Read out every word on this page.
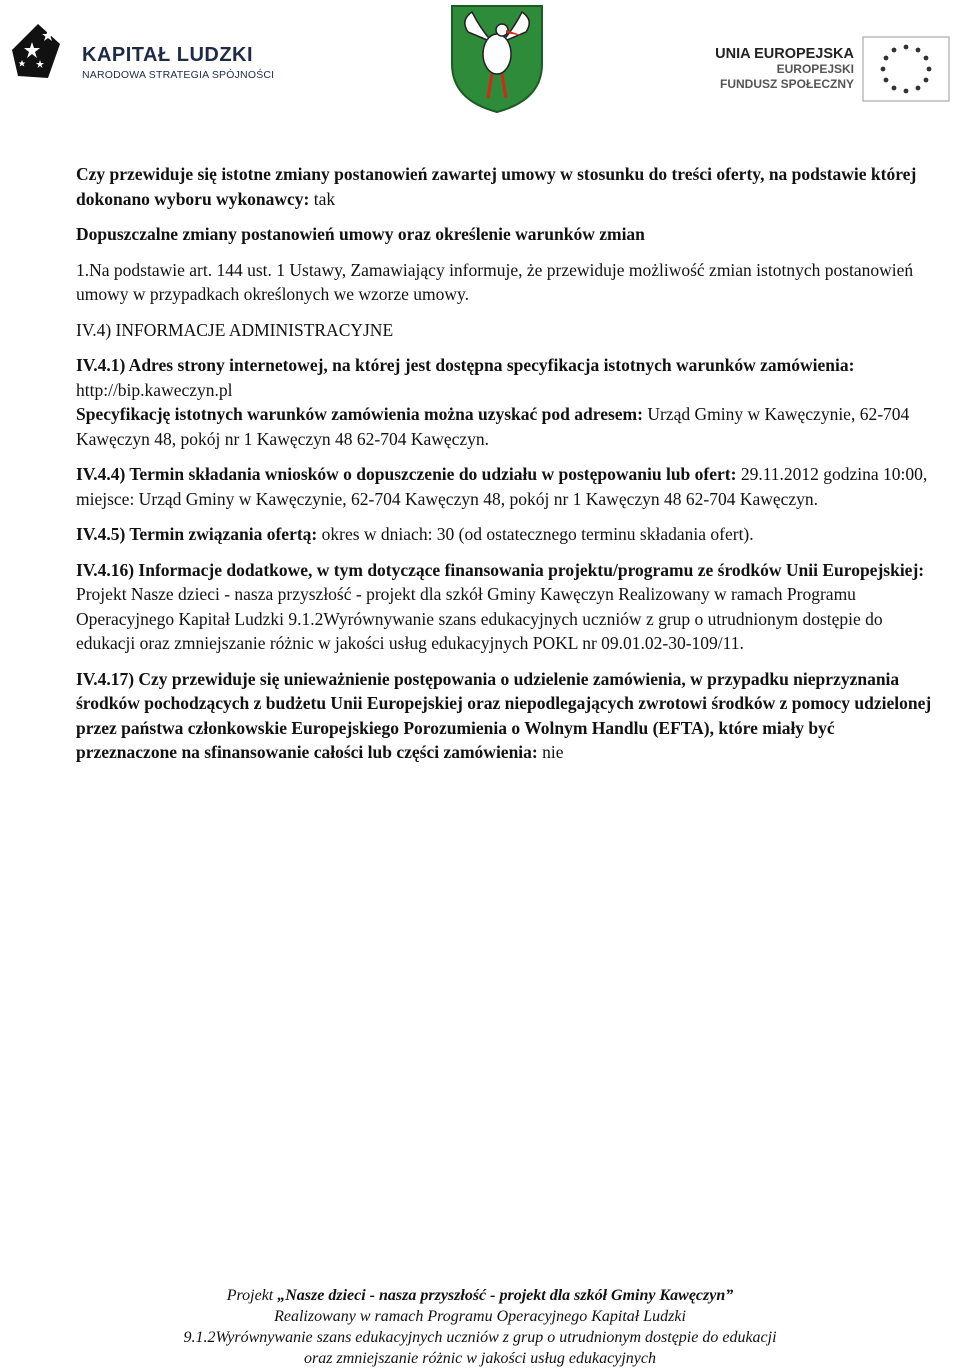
KAPITAŁ LUDZKI
NARODOWA STRATEGIA SPÓJNOŚCI
UNIA EUROPEJSKA
EUROPEJSKI
FUNDUSZ SPOŁECZNY

Czy przewiduje się istotne zmiany postanowień zawartej umowy w stosunku do treści oferty, na podstawie której dokonano wyboru wykonawcy: tak

Dopuszczalne zmiany postanowień umowy oraz określenie warunków zmian

1.Na podstawie art. 144 ust. 1 Ustawy, Zamawiający informuje, że przewiduje możliwość zmian istotnych postanowień umowy w przypadkach określonych we wzorze umowy.

IV.4) INFORMACJE ADMINISTRACYJNE

IV.4.1) Adres strony internetowej, na której jest dostępna specyfikacja istotnych warunków zamówienia: http://bip.kaweczyn.pl

Specyfikację istotnych warunków zamówienia można uzyskać pod adresem: Urząd Gminy w Kawęczynie, 62-704 Kawęczyn 48, pokój nr 1 Kawęczyn 48 62-704 Kawęczyn.

IV.4.4) Termin składania wniosków o dopuszczenie do udziału w postępowaniu lub ofert: 29.11.2012 godzina 10:00, miejsce: Urząd Gminy w Kawęczynie, 62-704 Kawęczyn 48, pokój nr 1 Kawęczyn 48 62-704 Kawęczyn.

IV.4.5) Termin związania ofertą: okres w dniach: 30 (od ostatecznego terminu składania ofert).

IV.4.16) Informacje dodatkowe, w tym dotyczące finansowania projektu/programu ze środków Unii Europejskiej: Projekt Nasze dzieci - nasza przyszłość - projekt dla szkół Gminy Kawęczyn Realizowany w ramach Programu Operacyjnego Kapitał Ludzki 9.1.2Wyrównywanie szans edukacyjnych uczniów z grup o utrudnionym dostępie do edukacji oraz zmniejszanie różnic w jakości usług edukacyjnych POKL nr 09.01.02-30-109/11.

IV.4.17) Czy przewiduje się unieważnienie postępowania o udzielenie zamówienia, w przypadku nieprzyznania środków pochodzących z budżetu Unii Europejskiej oraz niepodlegających zwrotowi środków z pomocy udzielonej przez państwa członkowskie Europejskiego Porozumienia o Wolnym Handlu (EFTA), które miały być przeznaczone na sfinansowanie całości lub części zamówienia: nie

Projekt „Nasze dzieci - nasza przyszłość - projekt dla szkół Gminy Kawęczyn”
Realizowany w ramach Programu Operacyjnego Kapitał Ludzki
9.1.2Wyrównywanie szans edukacyjnych uczniów z grup o utrudnionym dostępie do edukacji
oraz zmniejszanie różnic w jakości usług edukacyjnych
